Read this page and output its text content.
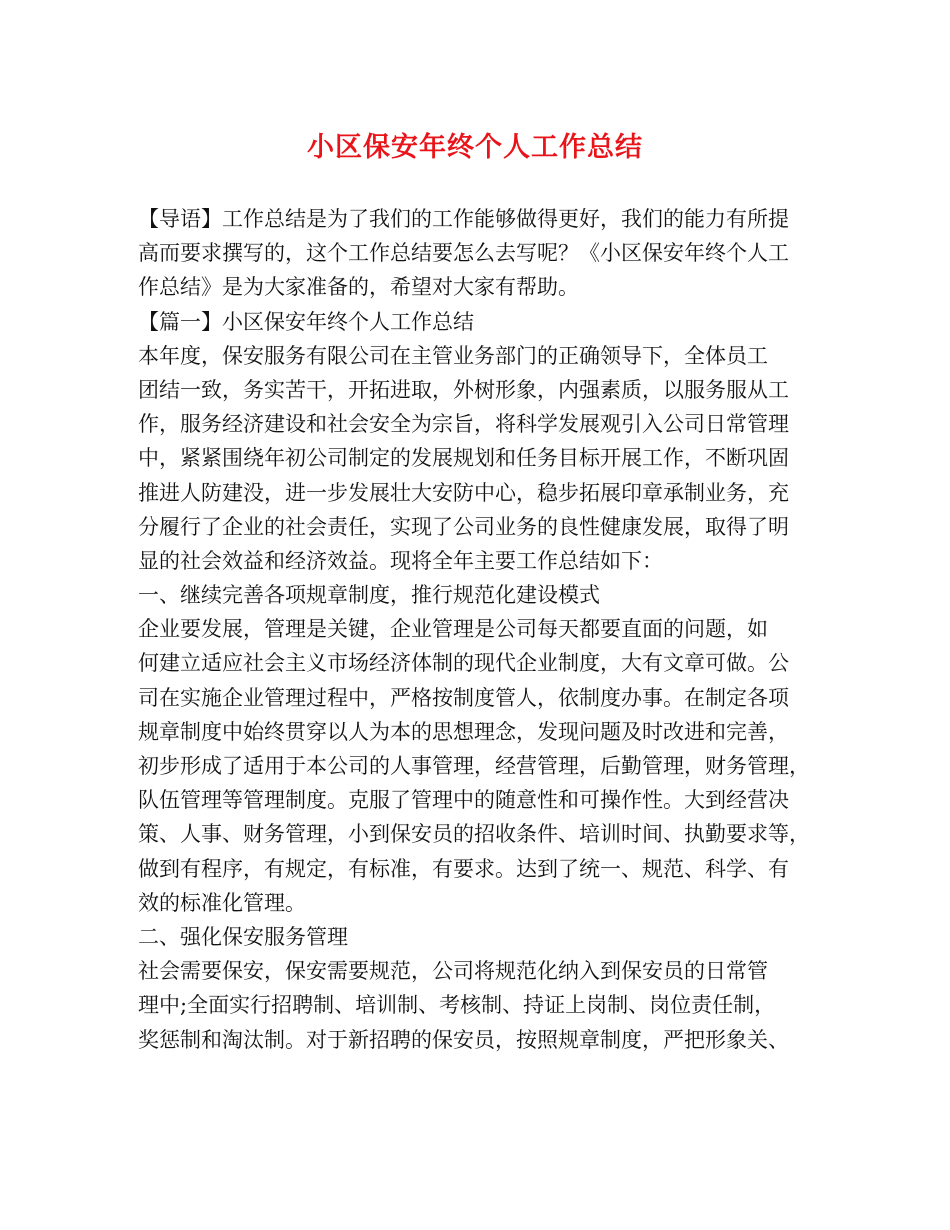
小区保安年终个人工作总结
【导语】工作总结是为了我们的工作能够做得更好，我们的能力有所提
高而要求撰写的，这个工作总结要怎么去写呢？《小区保安年终个人工
作总结》是为大家准备的，希望对大家有帮助。
【篇一】小区保安年终个人工作总结
本年度，保安服务有限公司在主管业务部门的正确领导下，全体员工
团结一致，务实苦干，开拓进取，外树形象，内强素质，以服务服从工
作，服务经济建设和社会安全为宗旨，将科学发展观引入公司日常管理
中，紧紧围绕年初公司制定的发展规划和任务目标开展工作，不断巩固
推进人防建没，进一步发展壮大安防中心，稳步拓展印章承制业务，充
分履行了企业的社会责任，实现了公司业务的良性健康发展，取得了明
显的社会效益和经济效益。现将全年主要工作总结如下：
一、继续完善各项规章制度，推行规范化建设模式
企业要发展，管理是关键，企业管理是公司每天都要直面的问题，如
何建立适应社会主义市场经济体制的现代企业制度，大有文章可做。公
司在实施企业管理过程中，严格按制度管人，依制度办事。在制定各项
规章制度中始终贯穿以人为本的思想理念，发现问题及时改进和完善，
初步形成了适用于本公司的人事管理，经营管理，后勤管理，财务管理，
队伍管理等管理制度。克服了管理中的随意性和可操作性。大到经营决
策、人事、财务管理，小到保安员的招收条件、培训时间、执勤要求等，
做到有程序，有规定，有标准，有要求。达到了统一、规范、科学、有
效的标准化管理。
二、强化保安服务管理
社会需要保安，保安需要规范，公司将规范化纳入到保安员的日常管
理中;全面实行招聘制、培训制、考核制、持证上岗制、岗位责任制，
奖惩制和淘汰制。对于新招聘的保安员，按照规章制度，严把形象关、
